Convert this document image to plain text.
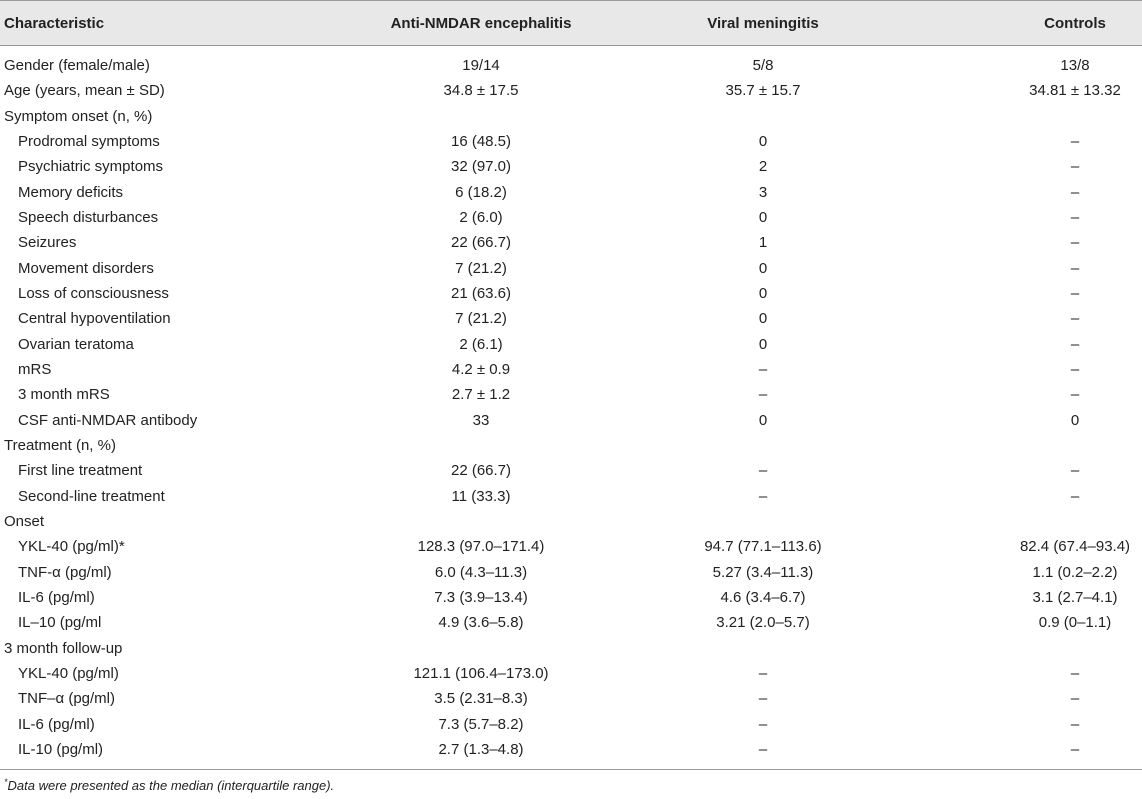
Characteristic	Anti-NMDAR encephalitis	Viral meningitis	Controls
Gender (female/male)	19/14	5/8	13/8
Age (years, mean ± SD)	34.8 ± 17.5	35.7 ± 15.7	34.81 ± 13.32
Symptom onset (n, %)
Prodromal symptoms	16 (48.5)	0	–
Psychiatric symptoms	32 (97.0)	2	–
Memory deficits	6 (18.2)	3	–
Speech disturbances	2 (6.0)	0	–
Seizures	22 (66.7)	1	–
Movement disorders	7 (21.2)	0	–
Loss of consciousness	21 (63.6)	0	–
Central hypoventilation	7 (21.2)	0	–
Ovarian teratoma	2 (6.1)	0	–
mRS	4.2 ± 0.9	–	–
3 month mRS	2.7 ± 1.2	–	–
CSF anti-NMDAR antibody	33	0	0
Treatment (n, %)
First line treatment	22 (66.7)	–	–
Second-line treatment	11 (33.3)	–	–
Onset
YKL-40 (pg/ml)*	128.3 (97.0–171.4)	94.7 (77.1–113.6)	82.4 (67.4–93.4)
TNF-α (pg/ml)	6.0 (4.3–11.3)	5.27 (3.4–11.3)	1.1 (0.2–2.2)
IL-6 (pg/ml)	7.3 (3.9–13.4)	4.6 (3.4–6.7)	3.1 (2.7–4.1)
IL–10 (pg/ml	4.9 (3.6–5.8)	3.21 (2.0–5.7)	0.9 (0–1.1)
3 month follow-up
YKL-40 (pg/ml)	121.1 (106.4–173.0)	–	–
TNF–α (pg/ml)	3.5 (2.31–8.3)	–	–
IL-6 (pg/ml)	7.3 (5.7–8.2)	–	–
IL-10 (pg/ml)	2.7 (1.3–4.8)	–	–
*Data were presented as the median (interquartile range).
